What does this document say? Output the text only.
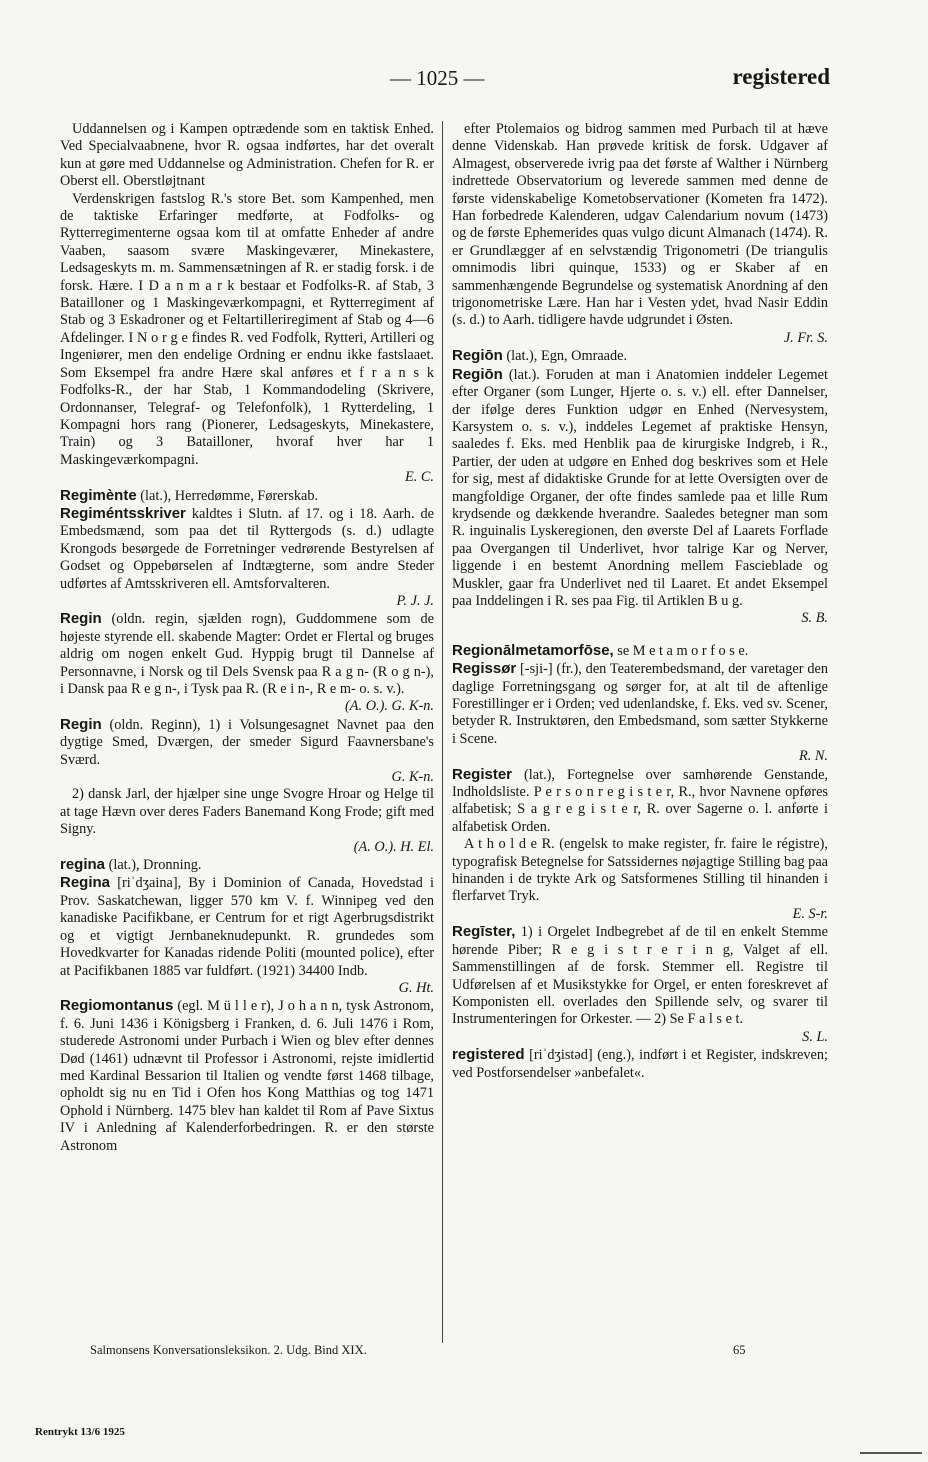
— 1025 —	registered

Uddannelsen og i Kampen optrædende som en taktisk Enhed. Ved Specialvaabnene, hvor R. ogsaa indførtes, har det overalt kun at gøre med Uddannelse og Administration. Chefen for R. er Oberst ell. Oberstløjtnant

Verdenskrigen fastslog R.'s store Bet. som Kampenhed, men de taktiske Erfaringer medførte, at Fodfolks- og Rytterregimenterne ogsaa kom til at omfatte Enheder af andre Vaaben, saasom svære Maskingeværer, Minekastere, Ledsageskyts m. m. Sammensætningen af R. er stadig forsk. i de forsk. Hære. I D a n m a r k bestaar et Fodfolks-R. af Stab, 3 Batailloner og 1 Maskingeværkompagni, et Rytterregiment af Stab og 3 Eskadroner og et Feltartilleriregiment af Stab og 4—6 Afdelinger. I N o r g e findes R. ved Fodfolk, Rytteri, Artilleri og Ingeniører, men den endelige Ordning er endnu ikke fastslaaet. Som Eksempel fra andre Hære skal anføres et f r a n s k Fodfolks-R., der har Stab, 1 Kommandodeling (Skrivere, Ordonnanser, Telegraf- og Telefonfolk), 1 Rytterdeling, 1 Kompagni hors rang (Pionerer, Ledsageskyts, Minekastere, Train) og 3 Batailloner, hvoraf hver har 1 Maskingeværkompagni.

E. C.

Regimènte (lat.), Herredømme, Førerskab.

Regiméntsskriver kaldtes i Slutn. af 17. og i 18. Aarh. de Embedsmænd, som paa det til Ryttergods (s. d.) udlagte Krongods besørgede de Forretninger vedrørende Bestyrelsen af Godset og Oppebørselen af Indtægterne, som andre Steder udførtes af Amtsskriveren ell. Amtsforvalteren.

P. J. J.

Regin (oldn. regin, sjælden rogn), Guddommene som de højeste styrende ell. skabende Magter: Ordet er Flertal og bruges aldrig om nogen enkelt Gud. Hyppig brugt til Dannelse af Personnavne, i Norsk og til Dels Svensk paa R a g n- (R o g n-), i Dansk paa R e g n-, i Tysk paa R. (R e i n-, R e m- o. s. v.).

(A. O.). G. K-n.

Regin (oldn. Reginn), 1) i Volsungesagnet Navnet paa den dygtige Smed, Dværgen, der smeder Sigurd Faavnersbane's Sværd.

G. K-n.

2) dansk Jarl, der hjælper sine unge Svogre Hroar og Helge til at tage Hævn over deres Faders Banemand Kong Frode; gift med Signy.

(A. O.). H. El.

regina (lat.), Dronning.

Regina [riˈdʒaina], By i Dominion of Canada, Hovedstad i Prov. Saskatchewan, ligger 570 km V. f. Winnipeg ved den kanadiske Pacifikbane, er Centrum for et rigt Agerbrugsdistrikt og et vigtigt Jernbaneknudepunkt. R. grundedes som Hovedkvarter for Kanadas ridende Politi (mounted police), efter at Pacifikbanen 1885 var fuldført. (1921) 34400 Indb.

G. Ht.

Regiomontanus (egl. M ü l l e r), J o h a n n, tysk Astronom, f. 6. Juni 1436 i Königsberg i Franken, d. 6. Juli 1476 i Rom, studerede Astronomi under Purbach i Wien og blev efter dennes Død (1461) udnævnt til Professor i Astronomi, rejste imidlertid med Kardinal Bessarion til Italien og vendte først 1468 tilbage, opholdt sig nu en Tid i Ofen hos Kong Matthias og tog 1471 Ophold i Nürnberg. 1475 blev han kaldet til Rom af Pave Sixtus IV i Anledning af Kalenderforbedringen. R. er den største Astronom

efter Ptolemaios og bidrog sammen med Purbach til at hæve denne Videnskab. Han prøvede kritisk de forsk. Udgaver af Almagest, observerede ivrig paa det første af Walther i Nürnberg indrettede Observatorium og leverede sammen med denne de første videnskabelige Kometobservationer (Kometen fra 1472). Han forbedrede Kalenderen, udgav Calendarium novum (1473) og de første Ephemerides quas vulgo dicunt Almanach (1474). R. er Grundlægger af en selvstændig Trigonometri (De triangulis omnimodis libri quinque, 1533) og er Skaber af en sammenhængende Begrundelse og systematisk Anordning af den trigonometriske Lære. Han har i Vesten ydet, hvad Nasir Eddin (s. d.) to Aarh. tidligere havde udgrundet i Østen.

J. Fr. S.

Regiōn (lat.), Egn, Omraade.

Regiōn (lat.). Foruden at man i Anatomien inddeler Legemet efter Organer (som Lunger, Hjerte o. s. v.) ell. efter Dannelser, der ifølge deres Funktion udgør en Enhed (Nervesystem, Karsystem o. s. v.), inddeles Legemet af praktiske Hensyn, saaledes f. Eks. med Henblik paa de kirurgiske Indgreb, i R., Partier, der uden at udgøre en Enhed dog beskrives som et Hele for sig, mest af didaktiske Grunde for at lette Oversigten over de mangfoldige Organer, der ofte findes samlede paa et lille Rum krydsende og dækkende hverandre. Saaledes betegner man som R. inguinalis Lyskeregionen, den øverste Del af Laarets Forflade paa Overgangen til Underlivet, hvor talrige Kar og Nerver, liggende i en bestemt Anordning mellem Fascieblade og Muskler, gaar fra Underlivet ned til Laaret. Et andet Eksempel paa Inddelingen i R. ses paa Fig. til Artiklen B u g.

S. B.

Regionālmetamorfōse, se M e t a m o r f o s e.

Regissør [-sji-] (fr.), den Teaterembedsmand, der varetager den daglige Forretningsgang og sørger for, at alt til de aftenlige Forestillinger er i Orden; ved udenlandske, f. Eks. ved sv. Scener, betyder R. Instruktøren, den Embedsmand, som sætter Stykkerne i Scene.

R. N.

Register (lat.), Fortegnelse over samhørende Genstande, Indholdsliste. P e r s o n r e g i s t e r, R., hvor Navnene opføres alfabetisk; S a g r e g i s t e r, R. over Sagerne o. l. anførte i alfabetisk Orden.

A t h o l d e R. (engelsk to make register, fr. faire le régistre), typografisk Betegnelse for Satssidernes nøjagtige Stilling bag paa hinanden i de trykte Ark og Satsformenes Stilling til hinanden i flerfarvet Tryk.

E. S-r.

Regīster, 1) i Orgelet Indbegrebet af de til en enkelt Stemme hørende Piber; R e g i s t r e r i n g, Valget af ell. Sammenstillingen af de forsk. Stemmer ell. Registre til Udførelsen af et Musikstykke for Orgel, er enten foreskrevet af Komponisten ell. overlades den Spillende selv, og svarer til Instrumenteringen for Orkester. — 2) Se F a l s e t.

S. L.

registered [riˈdʒistəd] (eng.), indført i et Register, indskreven; ved Postforsendelser »anbefalet«.

Salmonsens Konversationsleksikon. 2. Udg. Bind XIX.	65
Rentrykt 13/6 1925
